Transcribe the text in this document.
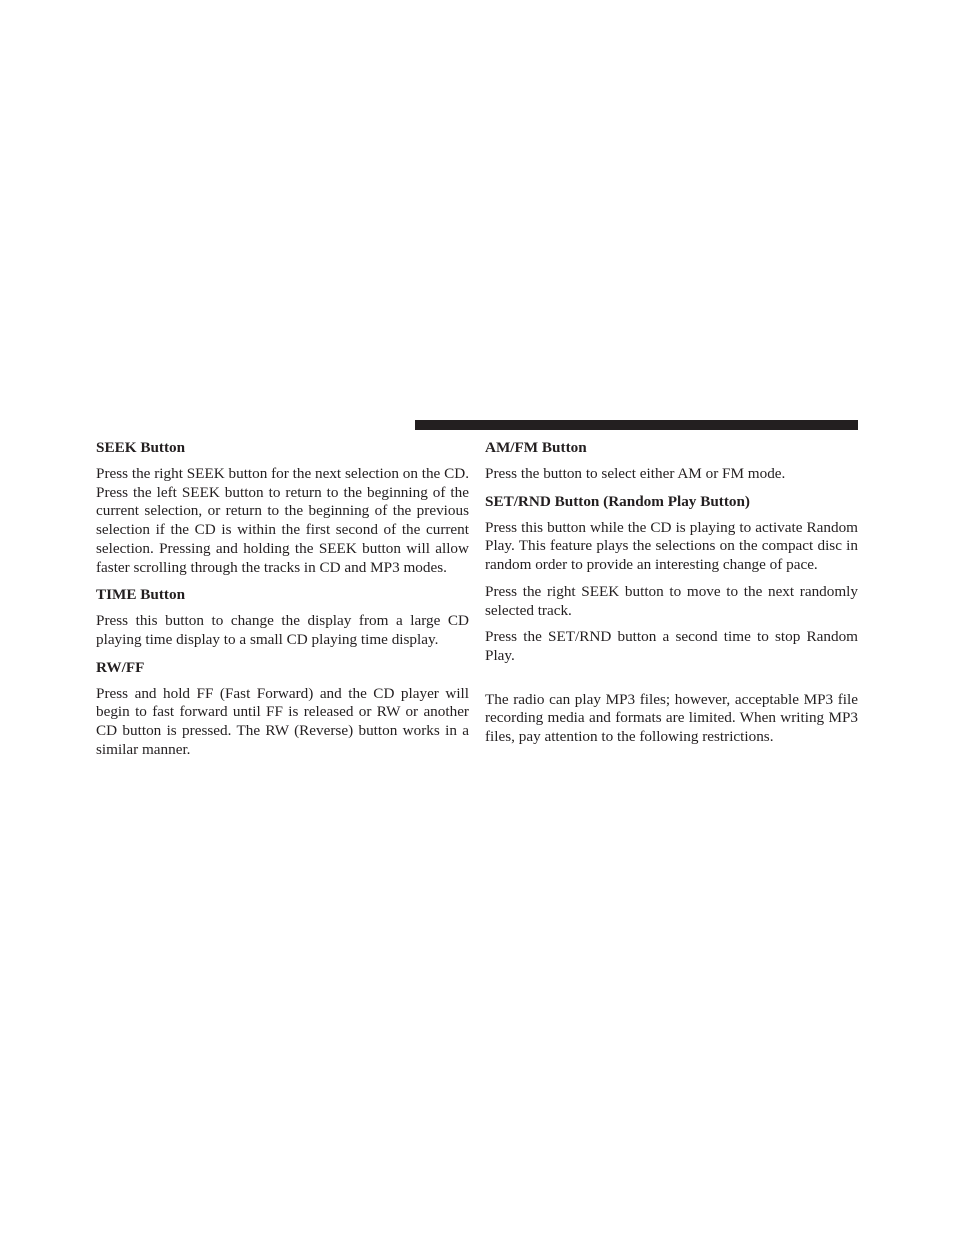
SEEK Button
Press the right SEEK button for the next selection on the CD. Press the left SEEK button to return to the beginning of the current selection, or return to the beginning of the previous selection if the CD is within the first second of the current selection. Pressing and holding the SEEK button will allow faster scrolling through the tracks in CD and MP3 modes.
TIME Button
Press this button to change the display from a large CD playing time display to a small CD playing time display.
RW/FF
Press and hold FF (Fast Forward) and the CD player will begin to fast forward until FF is released or RW or another CD button is pressed. The RW (Reverse) button works in a similar manner.
AM/FM Button
Press the button to select either AM or FM mode.
SET/RND Button (Random Play Button)
Press this button while the CD is playing to activate Random Play. This feature plays the selections on the compact disc in random order to provide an interesting change of pace.
Press the right SEEK button to move to the next randomly selected track.
Press the SET/RND button a second time to stop Random Play.
The radio can play MP3 files; however, acceptable MP3 file recording media and formats are limited. When writing MP3 files, pay attention to the following restrictions.
